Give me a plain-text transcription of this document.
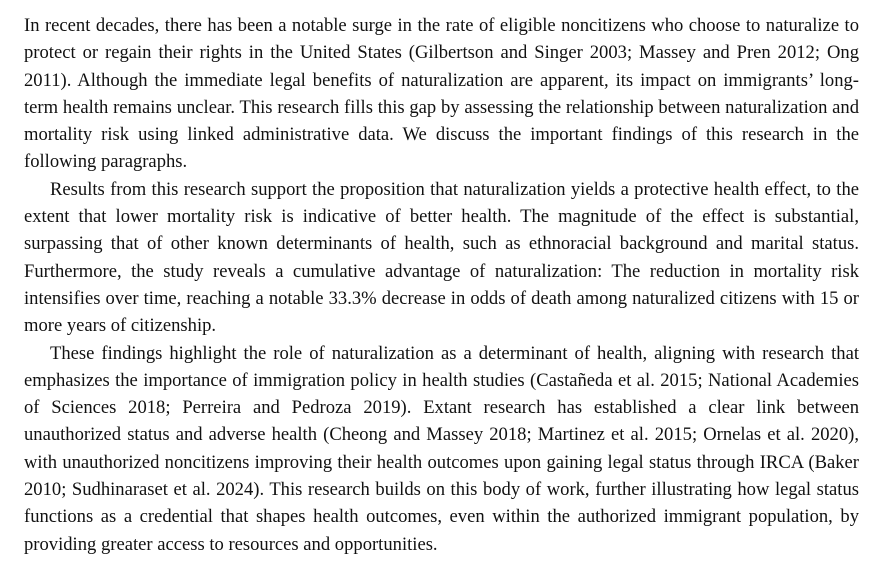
In recent decades, there has been a notable surge in the rate of eligible noncitizens who choose to naturalize to protect or regain their rights in the United States (Gilbertson and Singer 2003; Massey and Pren 2012; Ong 2011). Although the immediate legal benefits of naturalization are apparent, its impact on immigrants’ long-term health remains unclear. This research fills this gap by assessing the relationship between naturalization and mortality risk using linked administrative data. We discuss the important findings of this research in the following paragraphs.

Results from this research support the proposition that naturalization yields a protective health effect, to the extent that lower mortality risk is indicative of better health. The magnitude of the effect is substantial, surpassing that of other known determinants of health, such as ethnoracial background and marital status. Furthermore, the study reveals a cumulative advantage of naturalization: The reduction in mortality risk intensifies over time, reaching a notable 33.3% decrease in odds of death among naturalized citizens with 15 or more years of citizenship.

These findings highlight the role of naturalization as a determinant of health, aligning with research that emphasizes the importance of immigration policy in health studies (Castañeda et al. 2015; National Academies of Sciences 2018; Perreira and Pedroza 2019). Extant research has established a clear link between unauthorized status and adverse health (Cheong and Massey 2018; Martinez et al. 2015; Ornelas et al. 2020), with unauthorized noncitizens improving their health outcomes upon gaining legal status through IRCA (Baker 2010; Sudhinaraset et al. 2024). This research builds on this body of work, further illustrating how legal status functions as a credential that shapes health outcomes, even within the authorized immigrant population, by providing greater access to resources and opportunities.
